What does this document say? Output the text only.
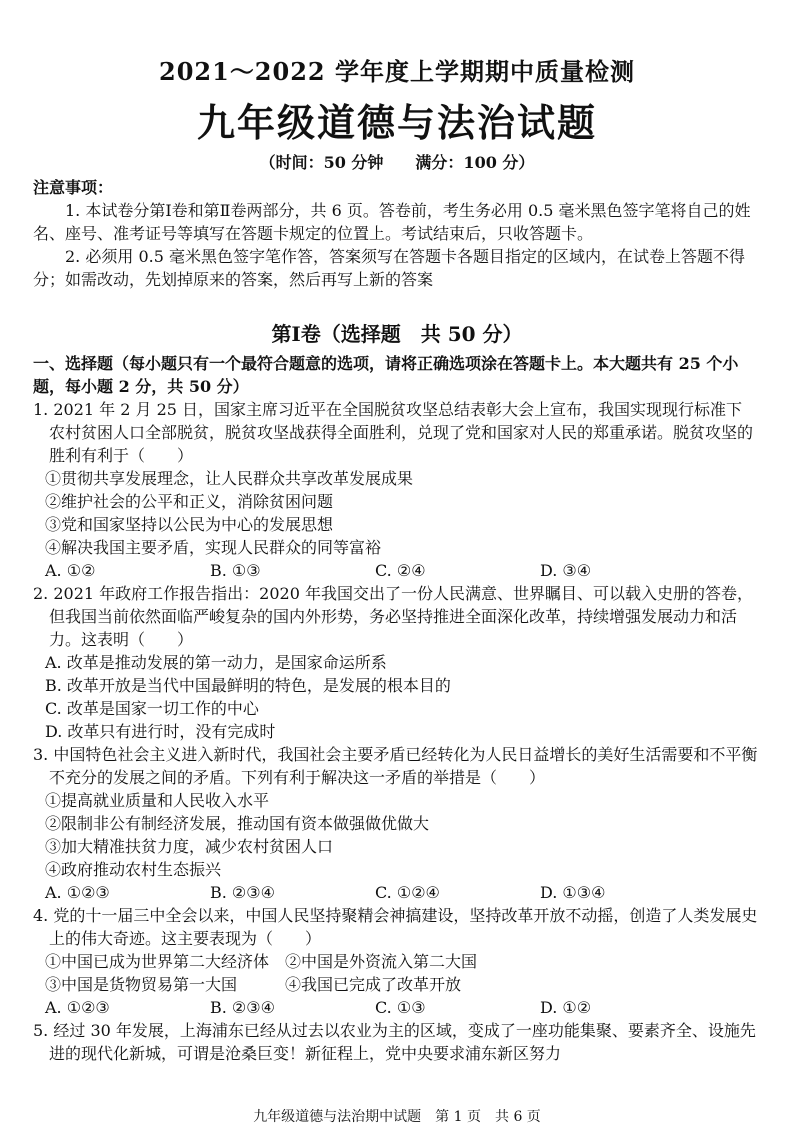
2021～2022 学年度上学期期中质量检测
九年级道德与法治试题
（时间：50 分钟　　满分：100 分）
注意事项：
1. 本试卷分第Ⅰ卷和第Ⅱ卷两部分，共 6 页。答卷前，考生务必用 0.5 毫米黑色签字笔将自己的姓名、座号、准考证号等填写在答题卡规定的位置上。考试结束后，只收答题卡。
2. 必须用 0.5 毫米黑色签字笔作答，答案须写在答题卡各题目指定的区域内，在试卷上答题不得分；如需改动，先划掉原来的答案，然后再写上新的答案
第Ⅰ卷（选择题　共 50 分）
一、选择题（每小题只有一个最符合题意的选项，请将正确选项涂在答题卡上。本大题共有 25 个小题，每小题 2 分，共 50 分）
1. 2021 年 2 月 25 日，国家主席习近平在全国脱贫攻坚总结表彰大会上宣布，我国实现现行标准下农村贫困人口全部脱贫，脱贫攻坚战获得全面胜利，兑现了党和国家对人民的郑重承诺。脱贫攻坚的胜利有利于（　　）
①贯彻共享发展理念，让人民群众共享改革发展成果
②维护社会的公平和正义，消除贫困问题
③党和国家坚持以公民为中心的发展思想
④解决我国主要矛盾，实现人民群众的同等富裕
A. ①②	B. ①③	C. ②④	D. ③④
2. 2021 年政府工作报告指出：2020 年我国交出了一份人民满意、世界瞩目、可以载入史册的答卷，但我国当前依然面临严峻复杂的国内外形势，务必坚持推进全面深化改革，持续增强发展动力和活力。这表明（　　）
A. 改革是推动发展的第一动力，是国家命运所系
B. 改革开放是当代中国最鲜明的特色，是发展的根本目的
C. 改革是国家一切工作的中心
D. 改革只有进行时，没有完成时
3. 中国特色社会主义进入新时代，我国社会主要矛盾已经转化为人民日益增长的美好生活需要和不平衡不充分的发展之间的矛盾。下列有利于解决这一矛盾的举措是（　　）
①提高就业质量和人民收入水平
②限制非公有制经济发展，推动国有资本做强做优做大
③加大精准扶贫力度，减少农村贫困人口
④政府推动农村生态振兴
A. ①②③	B. ②③④	C. ①②④	D. ①③④
4. 党的十一届三中全会以来，中国人民坚持聚精会神搞建设，坚持改革开放不动摇，创造了人类发展史上的伟大奇迹。这主要表现为（　　）
①中国已成为世界第二大经济体　②中国是外资流入第二大国
③中国是货物贸易第一大国　　　④我国已完成了改革开放
A. ①②③	B. ②③④	C. ①③	D. ①②
5. 经过 30 年发展，上海浦东已经从过去以农业为主的区域，变成了一座功能集聚、要素齐全、设施先进的现代化新城，可谓是沧桑巨变！新征程上，党中央要求浦东新区努力
九年级道德与法治期中试题　第 1 页　共 6 页
